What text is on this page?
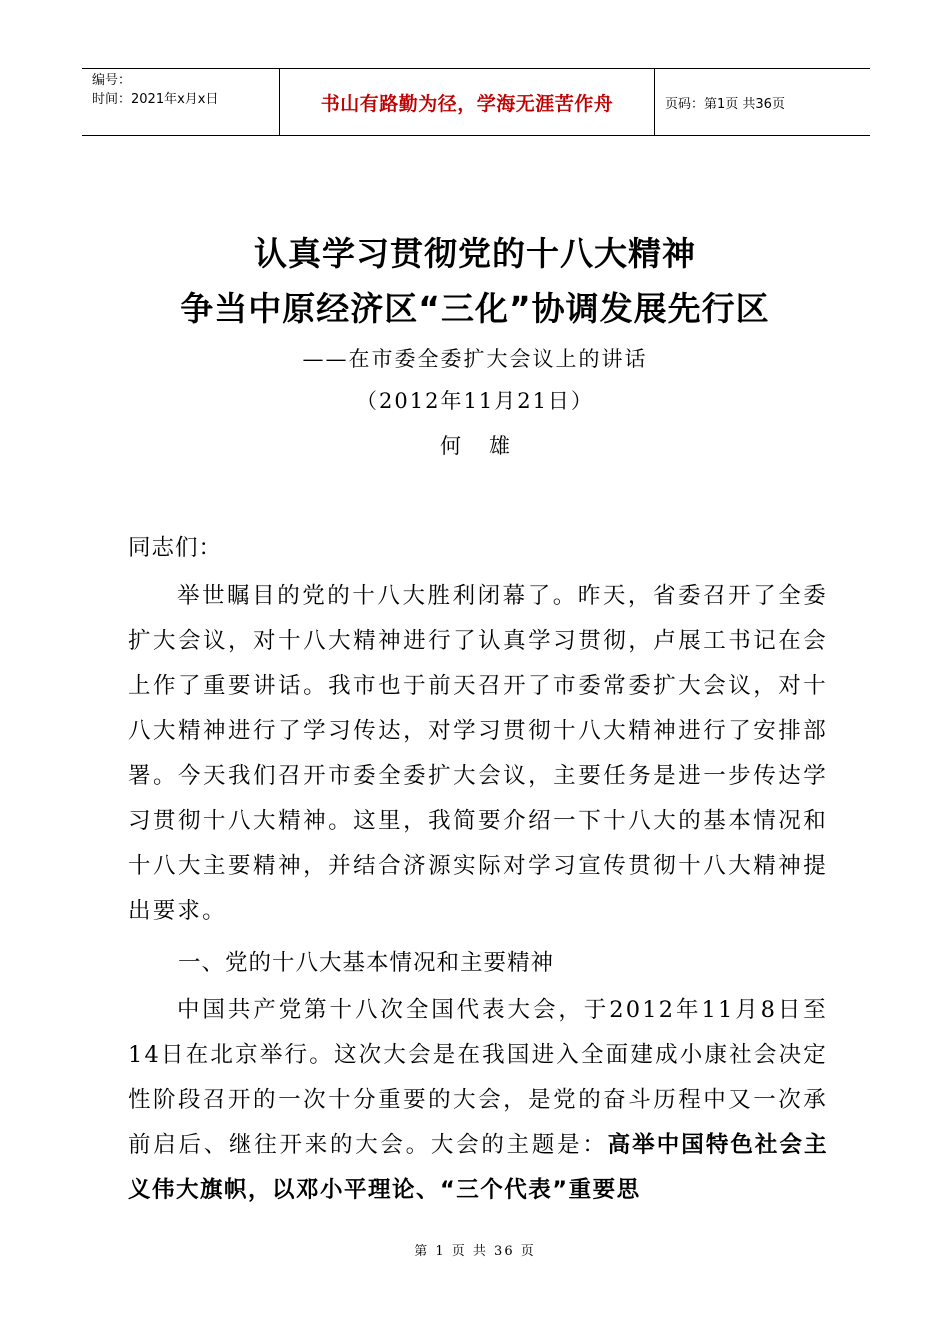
编号：
时间：2021年x月x日	书山有路勤为径，学海无涯苦作舟	页码：第1页 共36页
认真学习贯彻党的十八大精神
争当中原经济区“三化”协调发展先行区
——在市委全委扩大会议上的讲话
（2012年11月21日）
何雄
同志们：
举世瞩目的党的十八大胜利闭幕了。昨天，省委召开了全委扩大会议，对十八大精神进行了认真学习贯彻，卢展工书记在会上作了重要讲话。我市也于前天召开了市委常委扩大会议，对十八大精神进行了学习传达，对学习贯彻十八大精神进行了安排部署。今天我们召开市委全委扩大会议，主要任务是进一步传达学习贯彻十八大精神。这里，我简要介绍一下十八大的基本情况和十八大主要精神，并结合济源实际对学习宣传贯彻十八大精神提出要求。
一、党的十八大基本情况和主要精神
中国共产党第十八次全国代表大会，于2012年11月8日至14日在北京举行。这次大会是在我国进入全面建成小康社会决定性阶段召开的一次十分重要的大会，是党的奋斗历程中又一次承前启后、继往开来的大会。大会的主题是：高举中国特色社会主义伟大旗帜，以邓小平理论、“三个代表”重要思
第 1 页 共 36 页
